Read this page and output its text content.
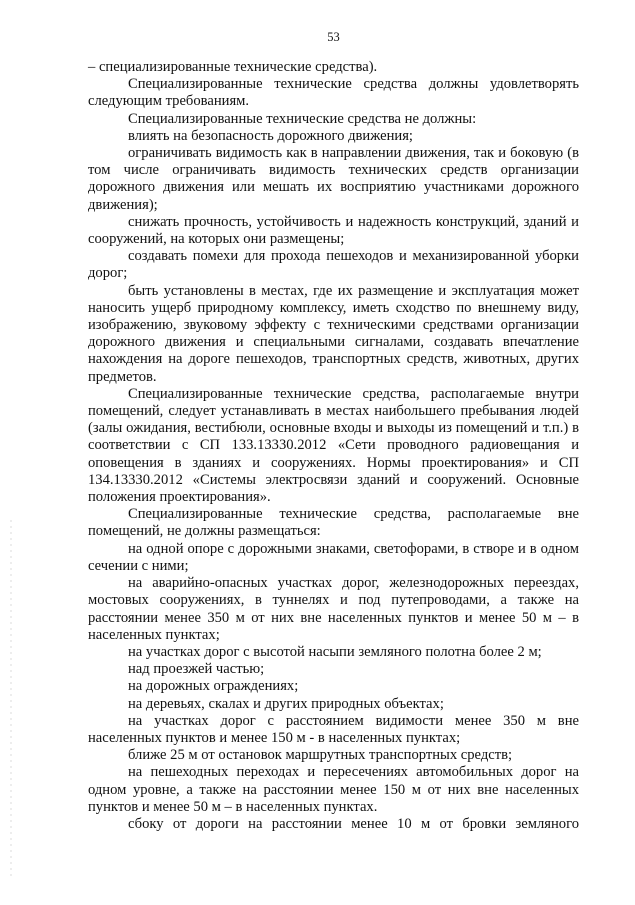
53

– специализированные технические средства).

Специализированные технические средства должны удовлетворять следующим требованиям.

Специализированные технические средства не должны:

влиять на безопасность дорожного движения;

ограничивать видимость как в направлении движения, так и боковую (в том числе ограничивать видимость технических средств организации дорожного движения или мешать их восприятию участниками дорожного движения);

снижать прочность, устойчивость и надежность конструкций, зданий и сооружений, на которых они размещены;

создавать помехи для прохода пешеходов и механизированной уборки дорог;

быть установлены в местах, где их размещение и эксплуатация может наносить ущерб природному комплексу, иметь сходство по внешнему виду, изображению, звуковому эффекту с техническими средствами организации дорожного движения и специальными сигналами, создавать впечатление нахождения на дороге пешеходов, транспортных средств, животных, других предметов.

Специализированные технические средства, располагаемые внутри помещений, следует устанавливать в местах наибольшего пребывания людей (залы ожидания, вестибюли, основные входы и выходы из помещений и т.п.) в соответствии с СП 133.13330.2012 «Сети проводного радиовещания и оповещения в зданиях и сооружениях. Нормы проектирования» и СП 134.13330.2012 «Системы электросвязи зданий и сооружений. Основные положения проектирования».

Специализированные технические средства, располагаемые вне помещений, не должны размещаться:

на одной опоре с дорожными знаками, светофорами, в створе и в одном сечении с ними;

на аварийно-опасных участках дорог, железнодорожных переездах, мостовых сооружениях, в туннелях и под путепроводами, а также на расстоянии менее 350 м от них вне населенных пунктов и менее 50 м – в населенных пунктах;

на участках дорог с высотой насыпи земляного полотна более 2 м;

над проезжей частью;

на дорожных ограждениях;

на деревьях, скалах и других природных объектах;

на участках дорог с расстоянием видимости менее 350 м вне населенных пунктов и менее 150 м - в населенных пунктах;

ближе 25 м от остановок маршрутных транспортных средств;

на пешеходных переходах и пересечениях автомобильных дорог на одном уровне, а также на расстоянии менее 150 м от них вне населенных пунктов и менее 50 м – в населенных пунктах.

сбоку от дороги на расстоянии менее 10 м от бровки земляного
